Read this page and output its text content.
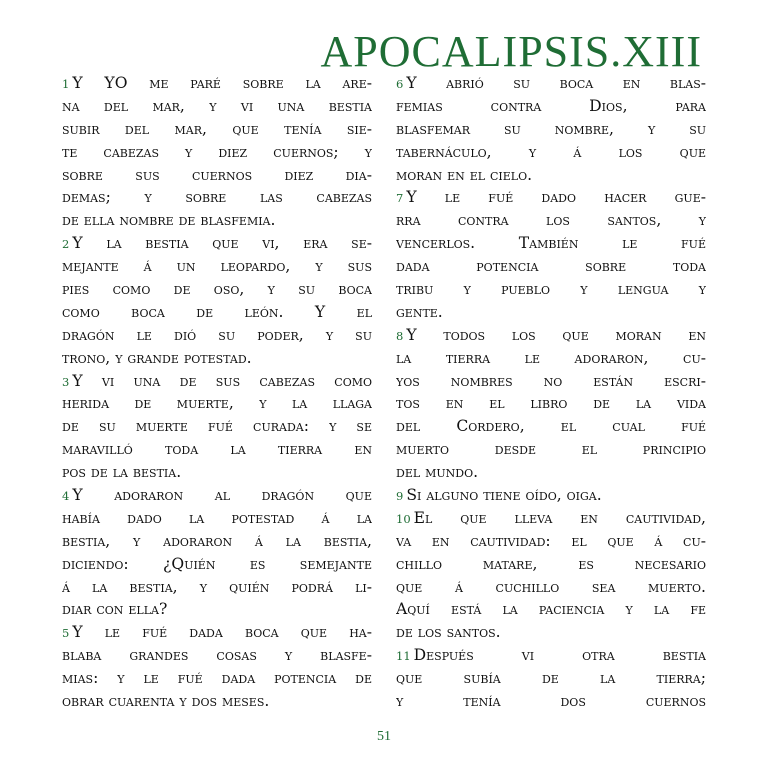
APOCALIPSIS.XIII
1 Y YO me paré sobre la are-
na del mar, y vi una bestia
subir del mar, que tenía sie-
te cabezas y diez cuernos; y
sobre sus cuernos diez dia-
demas; y sobre las cabezas
de ella nombre de blasfemia.
2 Y la bestia que vi, era se-
mejante á un leopardo, y sus
pies como de oso, y su boca
como boca de león. Y el
dragón le dió su poder, y su
trono, y grande potestad.
3 Y vi una de sus cabezas como
herida de muerte, y la llaga
de su muerte fué curada: y se
maravilló toda la tierra en
pos de la bestia.
4 Y adoraron al dragón que
había dado la potestad á la
bestia, y adoraron á la bestia,
diciendo: ¿Quién es semejante
á la bestia, y quién podrá li-
diar con ella?
5 Y le fué dada boca que ha-
blaba grandes cosas y blasfe-
mias: y le fué dada potencia de
obrar cuarenta y dos meses.
6 Y abrió su boca en blas-
femias contra Dios, para
blasfemar su nombre, y su
tabernáculo, y á los que
moran en el cielo.
7 Y le fué dado hacer gue-
rra contra los santos, y
vencerlos. También le fué
dada potencia sobre toda
tribu y pueblo y lengua y
gente.
8 Y todos los que moran en
la tierra le adoraron, cu-
yos nombres no están escri-
tos en el libro de la vida
del Cordero, el cual fué
muerto desde el principio
del mundo.
9 Si alguno tiene oído, oiga.
10 El que lleva en cautividad,
va en cautividad: el que á cu-
chillo matare, es necesario
que á cuchillo sea muerto.
Aquí está la paciencia y la fe
de los santos.
11 Después vi otra bestia
que subía de la tierra;
y tenía dos cuernos
51
